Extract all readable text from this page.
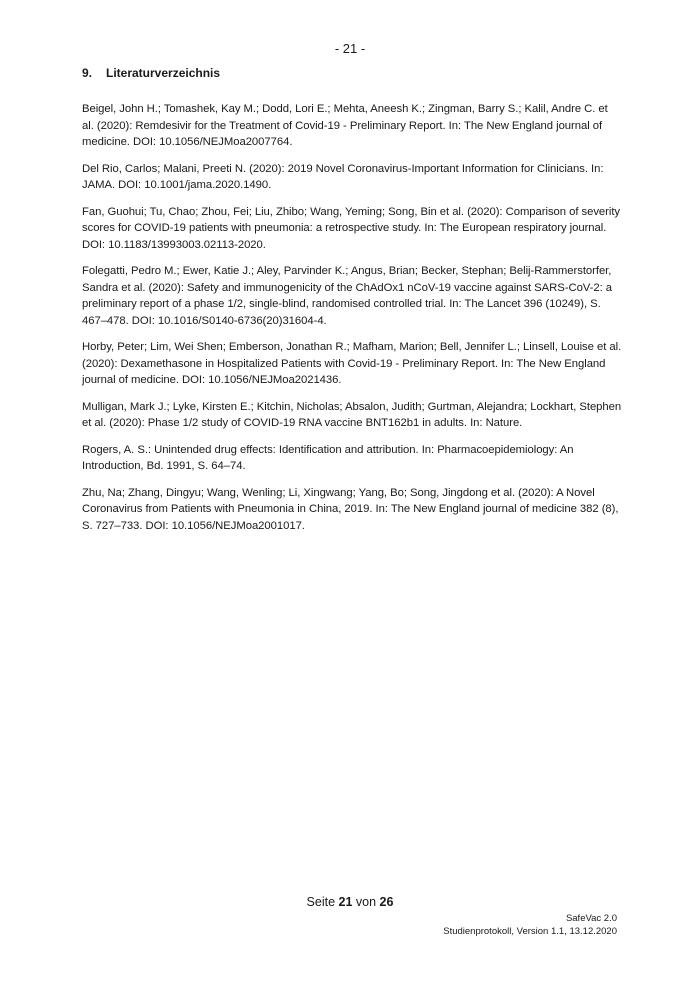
- 21 -
9.	Literaturverzeichnis

Beigel, John H.; Tomashek, Kay M.; Dodd, Lori E.; Mehta, Aneesh K.; Zingman, Barry S.; Kalil, Andre C. et al. (2020): Remdesivir for the Treatment of Covid-19 - Preliminary Report. In: The New England journal of medicine. DOI: 10.1056/NEJMoa2007764.

Del Rio, Carlos; Malani, Preeti N. (2020): 2019 Novel Coronavirus-Important Information for Clinicians. In: JAMA. DOI: 10.1001/jama.2020.1490.

Fan, Guohui; Tu, Chao; Zhou, Fei; Liu, Zhibo; Wang, Yeming; Song, Bin et al. (2020): Comparison of severity scores for COVID-19 patients with pneumonia: a retrospective study. In: The European respiratory journal. DOI: 10.1183/13993003.02113-2020.

Folegatti, Pedro M.; Ewer, Katie J.; Aley, Parvinder K.; Angus, Brian; Becker, Stephan; Belij-Rammerstorfer, Sandra et al. (2020): Safety and immunogenicity of the ChAdOx1 nCoV-19 vaccine against SARS-CoV-2: a preliminary report of a phase 1/2, single-blind, randomised controlled trial. In: The Lancet 396 (10249), S. 467–478. DOI: 10.1016/S0140-6736(20)31604-4.

Horby, Peter; Lim, Wei Shen; Emberson, Jonathan R.; Mafham, Marion; Bell, Jennifer L.; Linsell, Louise et al. (2020): Dexamethasone in Hospitalized Patients with Covid-19 - Preliminary Report. In: The New England journal of medicine. DOI: 10.1056/NEJMoa2021436.

Mulligan, Mark J.; Lyke, Kirsten E.; Kitchin, Nicholas; Absalon, Judith; Gurtman, Alejandra; Lockhart, Stephen et al. (2020): Phase 1/2 study of COVID-19 RNA vaccine BNT162b1 in adults. In: Nature.

Rogers, A. S.: Unintended drug effects: Identification and attribution. In: Pharmacoepidemiology: An Introduction, Bd. 1991, S. 64–74.

Zhu, Na; Zhang, Dingyu; Wang, Wenling; Li, Xingwang; Yang, Bo; Song, Jingdong et al. (2020): A Novel Coronavirus from Patients with Pneumonia in China, 2019. In: The New England journal of medicine 382 (8), S. 727–733. DOI: 10.1056/NEJMoa2001017.

Seite 21 von 26
SafeVac 2.0
Studienprotokoll, Version 1.1, 13.12.2020
